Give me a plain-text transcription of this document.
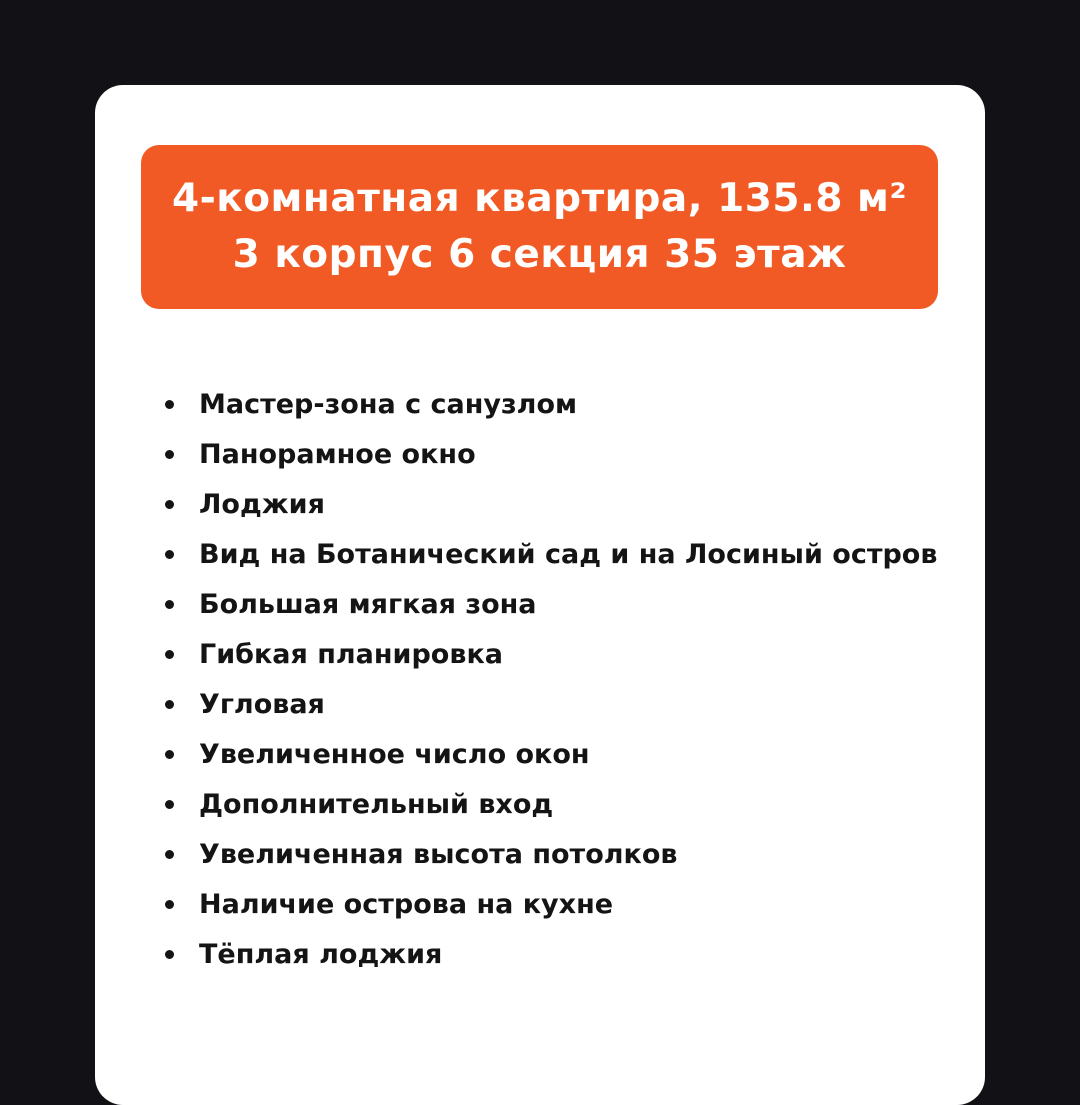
4-комнатная квартира, 135.8 м²
3 корпус 6 секция 35 этаж
Мастер-зона с санузлом
Панорамное окно
Лоджия
Вид на Ботанический сад и на Лосиный остров
Большая мягкая зона
Гибкая планировка
Угловая
Увеличенное число окон
Дополнительный вход
Увеличенная высота потолков
Наличие острова на кухне
Тёплая лоджия
